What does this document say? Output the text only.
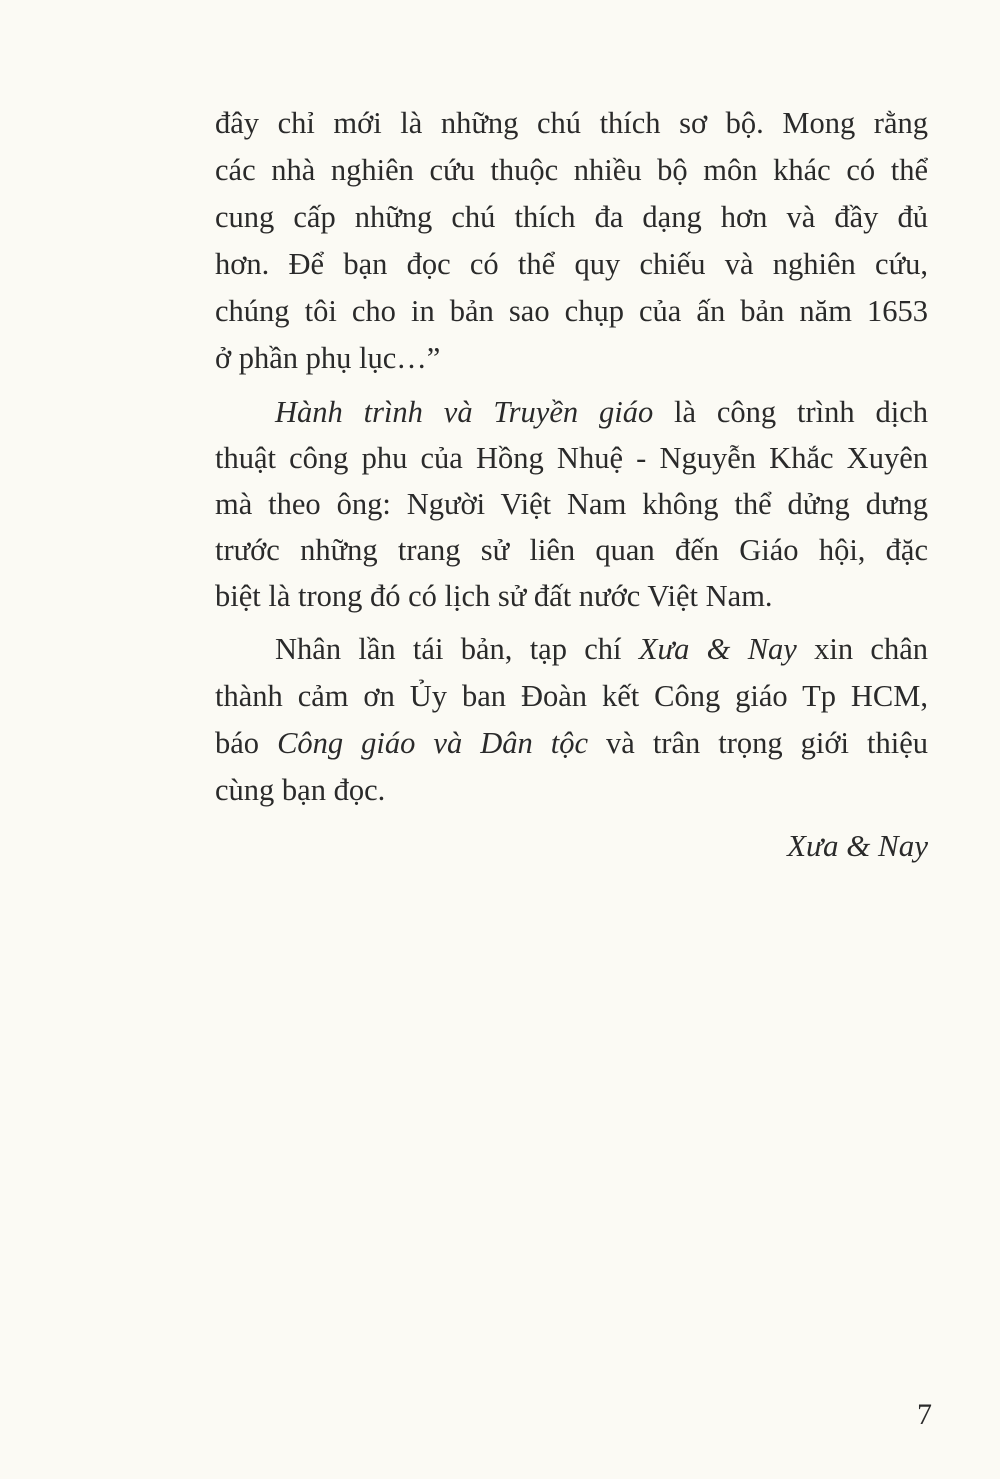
đây chỉ mới là những chú thích sơ bộ. Mong rằng
các nhà nghiên cứu thuộc nhiều bộ môn khác có thể
cung cấp những chú thích đa dạng hơn và đầy đủ
hơn. Để bạn đọc có thể quy chiếu và nghiên cứu,
chúng tôi cho in bản sao chụp của ấn bản năm 1653
ở phần phụ lục…”
Hành trình và Truyền giáo là công trình dịch
thuật công phu của Hồng Nhuệ - Nguyễn Khắc Xuyên
mà theo ông: Người Việt Nam không thể dửng dưng
trước những trang sử liên quan đến Giáo hội, đặc
biệt là trong đó có lịch sử đất nước Việt Nam.
Nhân lần tái bản, tạp chí Xưa & Nay xin chân
thành cảm ơn Ủy ban Đoàn kết Công giáo Tp HCM,
báo Công giáo và Dân tộc và trân trọng giới thiệu
cùng bạn đọc.
Xưa & Nay
7
